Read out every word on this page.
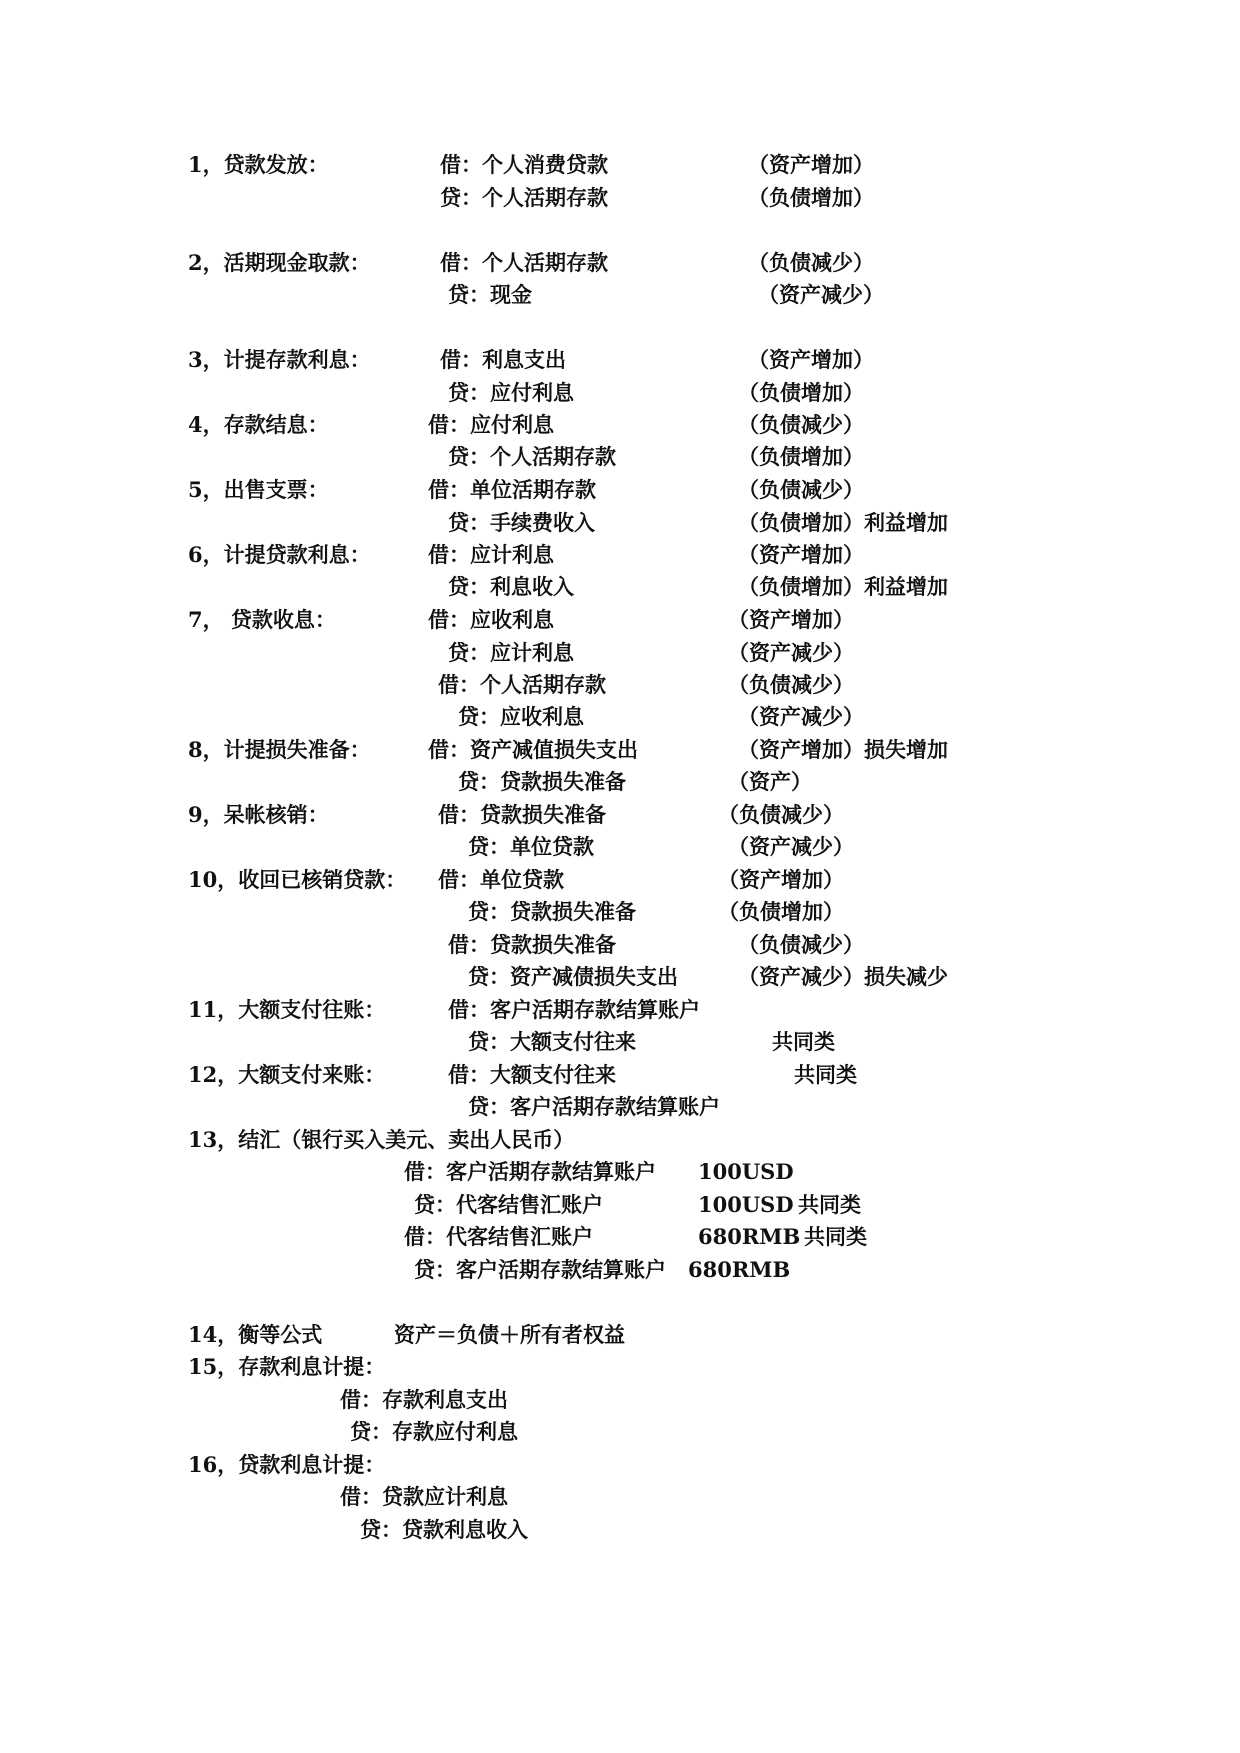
1，贷款发放：	借：个人消费贷款	（资产增加）
贷：个人活期存款	（负债增加）
2，活期现金取款：	借：个人活期存款	（负债减少）
贷：现金	（资产减少）
3，计提存款利息：	借：利息支出	（资产增加）
贷：应付利息	（负债增加）
4，存款结息：	借：应付利息	（负债减少）
贷：个人活期存款	（负债增加）
5，出售支票：	借：单位活期存款	（负债减少）
贷：手续费收入	（负债增加）利益增加
6，计提贷款利息：	借：应计利息	（资产增加）
贷：利息收入	（负债增加）利益增加
7， 贷款收息：	借：应收利息	（资产增加）
贷：应计利息	（资产减少）
借：个人活期存款	（负债减少）
贷：应收利息	（资产减少）
8，计提损失准备：	借：资产减值损失支出	（资产增加）损失增加
贷：贷款损失准备	（资产）
9，呆帐核销：	借：贷款损失准备	（负债减少）
贷：单位贷款	（资产减少）
10，收回已核销贷款： 借：单位贷款	（资产增加）
贷：贷款损失准备	（负债增加）
借：贷款损失准备	（负债减少）
贷：资产减债损失支出	（资产减少）损失减少
11，大额支付往账：	借：客户活期存款结算账户
贷：大额支付往来	共同类
12，大额支付来账：	借：大额支付往来	共同类
贷：客户活期存款结算账户
13，结汇（银行买入美元、卖出人民币）
借：客户活期存款结算账户 100USD
贷：代客结售汇账户	100USD 共同类
借：代客结售汇账户	680RMB 共同类
贷：客户活期存款结算账户 680RMB
14，衡等公式	资产＝负债＋所有者权益
15，存款利息计提：
借：存款利息支出
贷：存款应付利息
16，贷款利息计提：
借：贷款应计利息
贷：贷款利息收入
